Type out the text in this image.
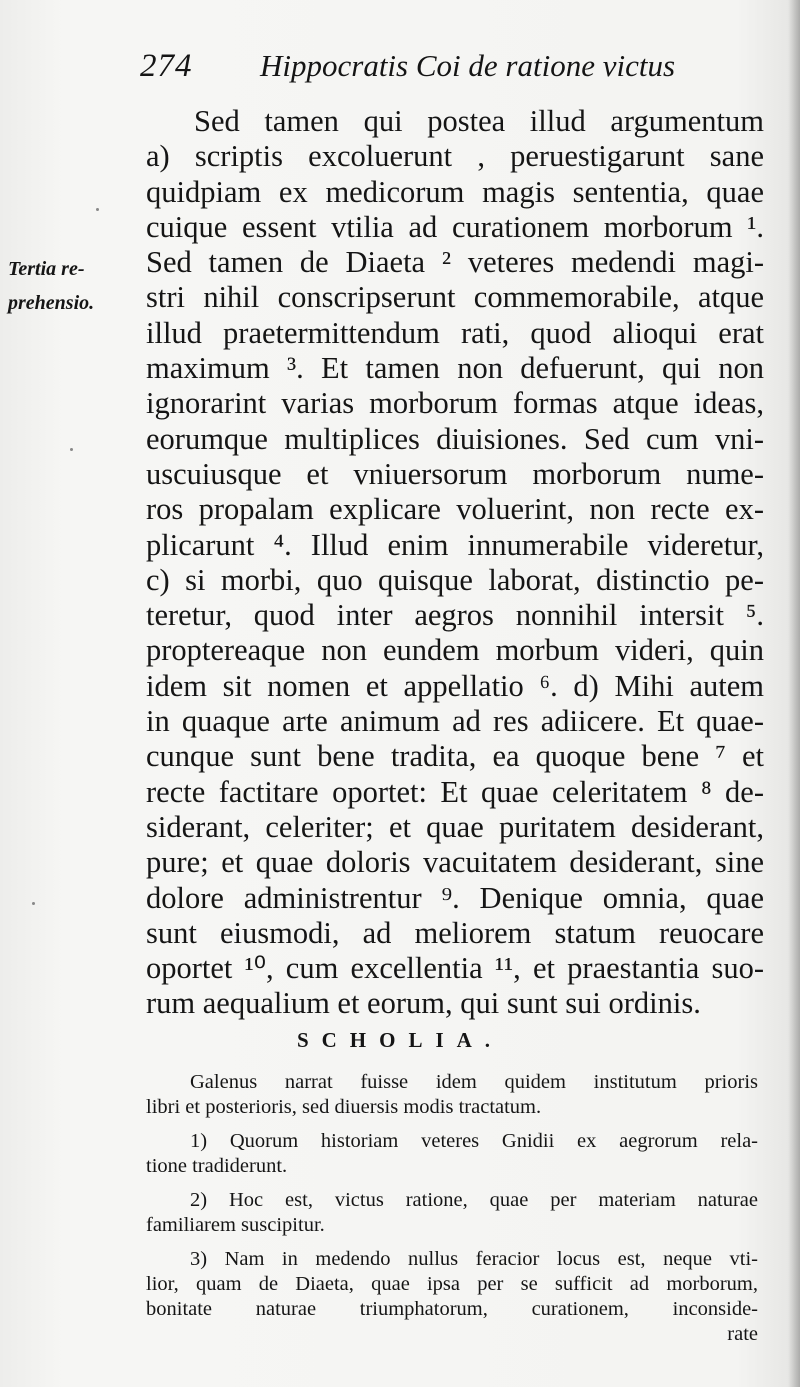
274 Hippocratis Coi de ratione victus
Tertia re-
prehensio.
Sed tamen qui postea illud argumentum
a) scriptis excoluerunt , peruestigarunt sane
quidpiam ex medicorum magis sententia, quae
cuique essent vtilia ad curationem morborum ¹.
Sed tamen de Diaeta ² veteres medendi magi-
stri nihil conscripserunt commemorabile, atque
illud praetermittendum rati, quod alioqui erat
maximum ³. Et tamen non defuerunt, qui non
ignorarint varias morborum formas atque ideas,
eorumque multiplices diuisiones. Sed cum vni-
uscuiusque et vniuersorum morborum nume-
ros propalam explicare voluerint, non recte ex-
plicarunt ⁴. Illud enim innumerabile videretur,
c) si morbi, quo quisque laborat, distinctio pe-
teretur, quod inter aegros nonnihil intersit ⁵.
proptereaque non eundem morbum videri, quin
idem sit nomen et appellatio ⁶. d) Mihi autem
in quaque arte animum ad res adiicere. Et quae-
cunque sunt bene tradita, ea quoque bene ⁷ et
recte factitare oportet: Et quae celeritatem ⁸ de-
siderant, celeriter; et quae puritatem desiderant,
pure; et quae doloris vacuitatem desiderant, sine
dolore administrentur ⁹. Denique omnia, quae
sunt eiusmodi, ad meliorem statum reuocare
oportet ¹⁰, cum excellentia ¹¹, et praestantia suo-
rum aequalium et eorum, qui sunt sui ordinis.
SCHOLIA.
Galenus narrat fuisse idem quidem institutum prioris
libri et posterioris, sed diuersis modis tractatum.
1) Quorum historiam veteres Gnidii ex aegrorum rela-
tione tradiderunt.
2) Hoc est, victus ratione, quae per materiam naturae
familiarem suscipitur.
3) Nam in medendo nullus feracior locus est, neque vti-
lior, quam de Diaeta, quae ipsa per se sufficit ad morborum,
bonitate naturae triumphatorum, curationem, inconside-
rate
